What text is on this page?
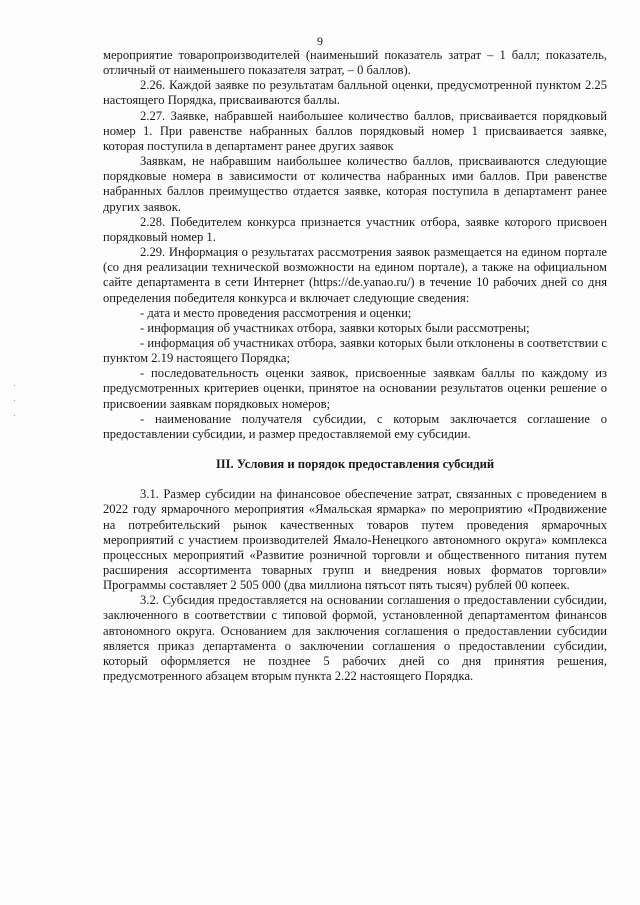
9

мероприятие товаропроизводителей (наименьший показатель затрат – 1 балл; показатель, отличный от наименьшего показателя затрат, – 0 баллов).

2.26. Каждой заявке по результатам балльной оценки, предусмотренной пунктом 2.25 настоящего Порядка, присваиваются баллы.

2.27. Заявке, набравшей наибольшее количество баллов, присваивается порядковый номер 1. При равенстве набранных баллов порядковый номер 1 присваивается заявке, которая поступила в департамент ранее других заявок

Заявкам, не набравшим наибольшее количество баллов, присваиваются следующие порядковые номера в зависимости от количества набранных ими баллов. При равенстве набранных баллов преимущество отдается заявке, которая поступила в департамент ранее других заявок.

2.28. Победителем конкурса признается участник отбора, заявке которого присвоен порядковый номер 1.

2.29. Информация о результатах рассмотрения заявок размещается на едином портале (со дня реализации технической возможности на едином портале), а также на официальном сайте департамента в сети Интернет (https://de.yanao.ru/) в течение 10 рабочих дней со дня определения победителя конкурса и включает следующие сведения:

- дата и место проведения рассмотрения и оценки;

- информация об участниках отбора, заявки которых были рассмотрены;

- информация об участниках отбора, заявки которых были отклонены в соответствии с пунктом 2.19 настоящего Порядка;

- последовательность оценки заявок, присвоенные заявкам баллы по каждому из предусмотренных критериев оценки, принятое на основании результатов оценки решение о присвоении заявкам порядковых номеров;

- наименование получателя субсидии, с которым заключается соглашение о предоставлении субсидии, и размер предоставляемой ему субсидии.

III. Условия и порядок предоставления субсидий

3.1. Размер субсидии на финансовое обеспечение затрат, связанных с проведением в 2022 году ярмарочного мероприятия «Ямальская ярмарка» по мероприятию «Продвижение на потребительский рынок качественных товаров путем проведения ярмарочных мероприятий с участием производителей Ямало-Ненецкого автономного округа» комплекса процессных мероприятий «Развитие розничной торговли и общественного питания путем расширения ассортимента товарных групп и внедрения новых форматов торговли» Программы составляет 2 505 000 (два миллиона пятьсот пять тысяч) рублей 00 копеек.

3.2. Субсидия предоставляется на основании соглашения о предоставлении субсидии, заключенного в соответствии с типовой формой, установленной департаментом финансов автономного округа. Основанием для заключения соглашения о предоставлении субсидии является приказ департамента о заключении соглашения о предоставлении субсидии, который оформляется не позднее 5 рабочих дней со дня принятия решения, предусмотренного абзацем вторым пункта 2.22 настоящего Порядка.
